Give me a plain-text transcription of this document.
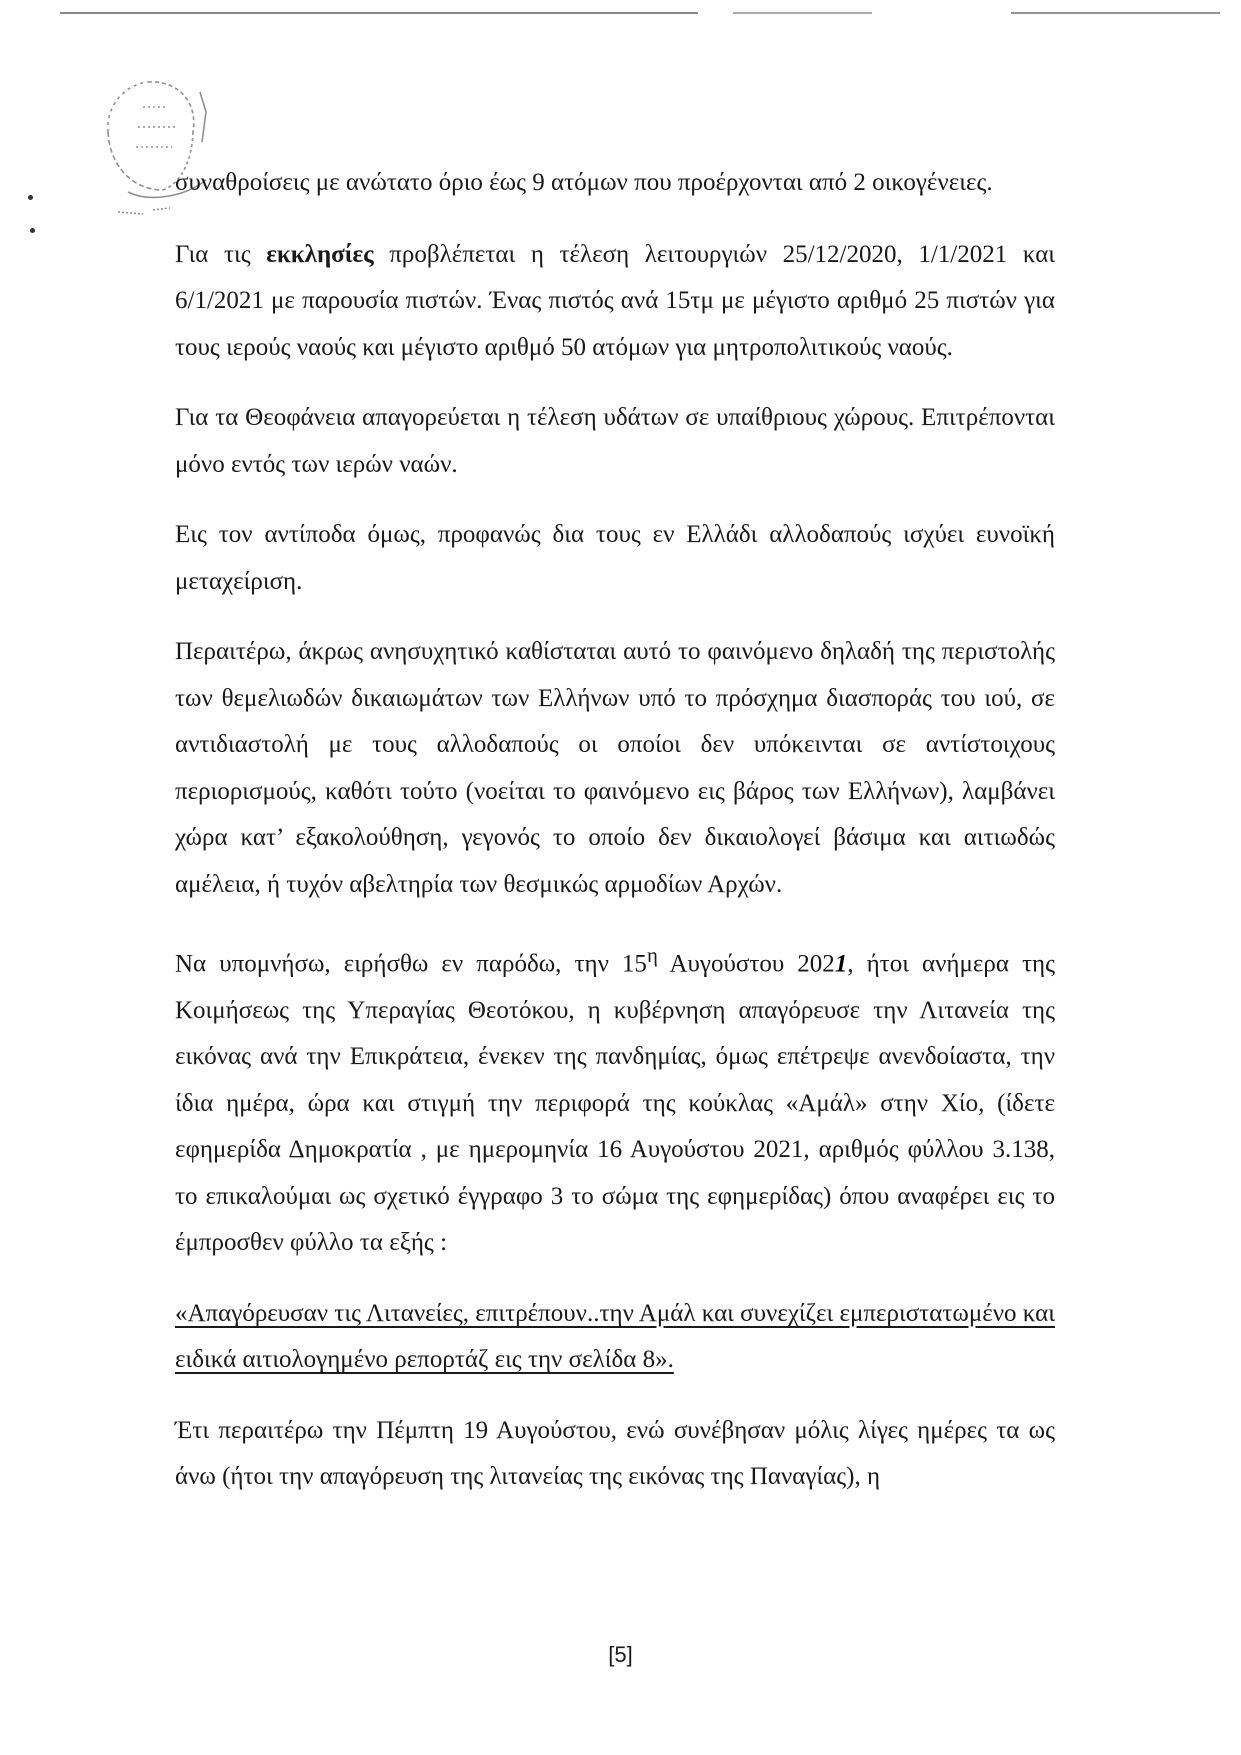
συναθροίσεις με ανώτατο όριο έως 9 ατόμων που προέρχονται από 2 οικογένειες.

Για τις εκκλησίες προβλέπεται η τέλεση λειτουργιών 25/12/2020, 1/1/2021 και 6/1/2021 με παρουσία πιστών. Ένας πιστός ανά 15τμ με μέγιστο αριθμό 25 πιστών για τους ιερούς ναούς και μέγιστο αριθμό 50 ατόμων για μητροπολιτικούς ναούς.

Για τα Θεοφάνεια απαγορεύεται η τέλεση υδάτων σε υπαίθριους χώρους. Επιτρέπονται μόνο εντός των ιερών ναών.

Εις τον αντίποδα όμως, προφανώς δια τους εν Ελλάδι αλλοδαπούς ισχύει ευνοϊκή μεταχείριση.

Περαιτέρω, άκρως ανησυχητικό καθίσταται αυτό το φαινόμενο δηλαδή της περιστολής των θεμελιωδών δικαιωμάτων των Ελλήνων υπό το πρόσχημα διασποράς του ιού, σε αντιδιαστολή με τους αλλοδαπούς οι οποίοι δεν υπόκεινται σε αντίστοιχους περιορισμούς, καθότι τούτο (νοείται το φαινόμενο εις βάρος των Ελλήνων), λαμβάνει χώρα κατ’ εξακολούθηση, γεγονός το οποίο δεν δικαιολογεί βάσιμα και αιτιωδώς αμέλεια, ή τυχόν αβελτηρία των θεσμικώς αρμοδίων Αρχών.

Να υπομνήσω, ειρήσθω εν παρόδω, την $15^\eta$ Αυγούστου 2021, ήτοι ανήμερα της Κοιμήσεως της Υπεραγίας Θεοτόκου, η κυβέρνηση απαγόρευσε την Λιτανεία της εικόνας ανά την Επικράτεια, ένεκεν της πανδημίας, όμως επέτρεψε ανενδοίαστα, την ίδια ημέρα, ώρα και στιγμή την περιφορά της κούκλας «Αμάλ» στην Χίο, (ίδετε εφημερίδα Δημοκρατία , με ημερομηνία 16 Αυγούστου 2021, αριθμός φύλλου 3.138, το επικαλούμαι ως σχετικό έγγραφο 3 το σώμα της εφημερίδας) όπου αναφέρει εις το έμπροσθεν φύλλο τα εξής :

«Απαγόρευσαν τις Λιτανείες, επιτρέπουν..την Αμάλ και συνεχίζει εμπεριστατωμένο και ειδικά αιτιολογημένο ρεπορτάζ εις την σελίδα 8».

Έτι περαιτέρω την Πέμπτη 19 Αυγούστου, ενώ συνέβησαν μόλις λίγες ημέρες τα ως άνω (ήτοι την απαγόρευση της λιτανείας της εικόνας της Παναγίας), η

[5]
